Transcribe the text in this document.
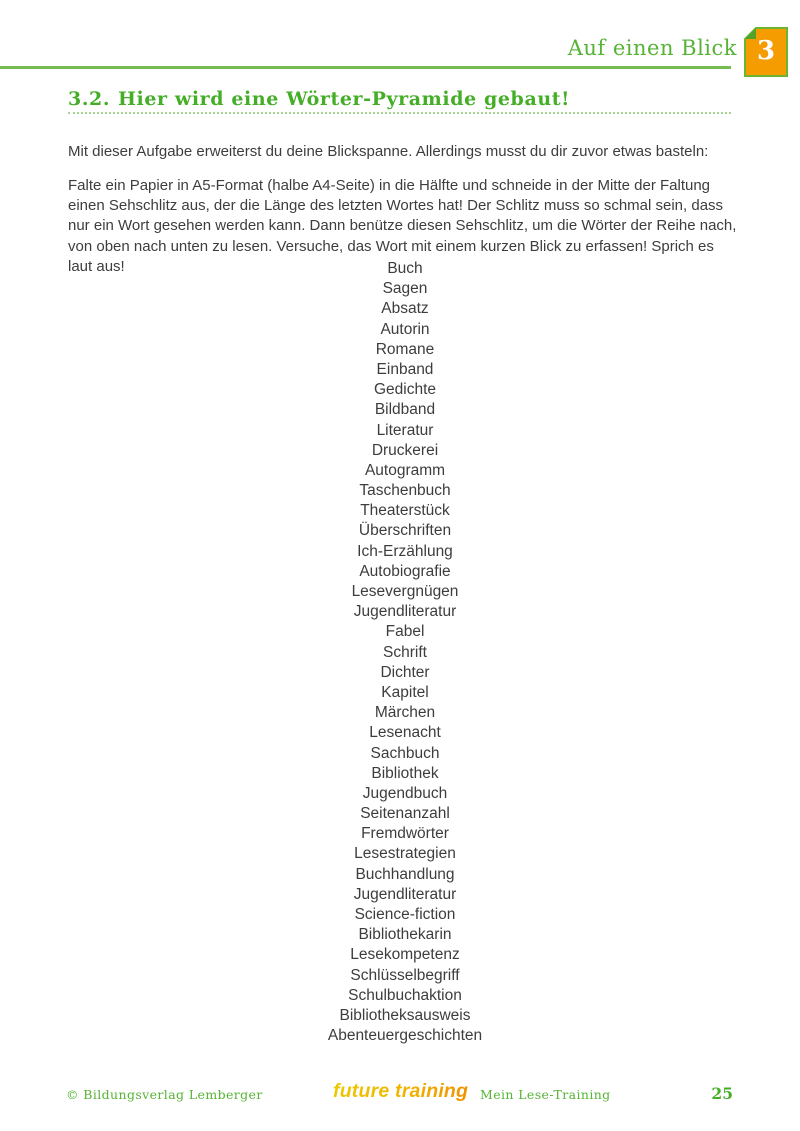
Auf einen Blick 3
3.2. Hier wird eine Wörter-Pyramide gebaut!

Mit dieser Aufgabe erweiterst du deine Blickspanne. Allerdings musst du dir zuvor etwas basteln:

Falte ein Papier in A5-Format (halbe A4-Seite) in die Hälfte und schneide in der Mitte der Faltung einen Sehschlitz aus, der die Länge des letzten Wortes hat! Der Schlitz muss so schmal sein, dass nur ein Wort gesehen werden kann. Dann benütze diesen Sehschlitz, um die Wörter der Reihe nach, von oben nach unten zu lesen. Versuche, das Wort mit einem kurzen Blick zu erfassen! Sprich es laut aus!	Buch
Sagen
Absatz
Autorin
Romane
Einband
Gedichte
Bildband
Literatur
Druckerei
Autogramm
Taschenbuch
Theaterstück
Überschriften
Ich-Erzählung
Autobiografie
Lesevergnügen
Jugendliteratur
Fabel
Schrift
Dichter
Kapitel
Märchen
Lesenacht
Sachbuch
Bibliothek
Jugendbuch
Seitenanzahl
Fremdwörter
Lesestrategien
Buchhandlung
Jugendliteratur
Science-fiction
Bibliothekarin
Lesekompetenz
Schlüsselbegriff
Schulbuchaktion
Bibliotheksausweis
Abenteuergeschichten
© Bildungsverlag Lemberger	future training Mein Lese-Training	25
